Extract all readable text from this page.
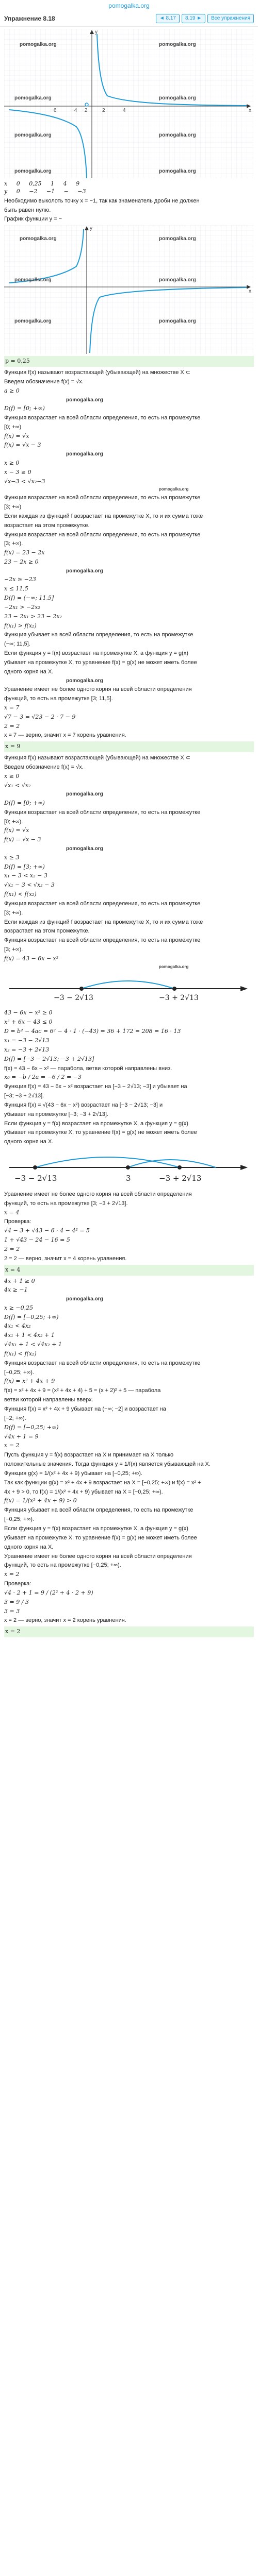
pomogalka.org
Упражнение 8.18	◄ 8.17	8.19 ►	Все упражнения
pomogalka.org	pomogalka.org
pomogalka.org	pomogalka.org
pomogalka.org	pomogalka.org
pomogalka.org	pomogalka.org
x
y
−6	−4 −2	2	4
x 0 0,25 1 4 9
y 0 −2 −1 − −3
Необходимо выколоть точку x = −1, так как знаменатель дроби не должен
быть равен нулю.
График функции y = −
pomogalka.org	pomogalka.org
pomogalka.org	pomogalka.org
pomogalka.org	pomogalka.org
x
y
p = 0,25
Функция f(x) называют возрастающей (убывающей) на множестве X ⊂
Введем обозначение f(x) = √x.
a ≥ 0
pomogalka.org
D(f) = [0; +∞)
Функция возрастает на всей области определения, то есть на промежутке
[0; +∞)
f(x) = √x
f(x) = √x − 3
pomogalka.org
x ≥ 0
x − 3 ≥ 0
√x−3 < √x₂−3
pomogalka.org
Функция возрастает на всей области определения, то есть на промежутке
[3; +∞)
Если каждая из функций f возрастает на промежутке X, то и их сумма тоже
возрастает на этом промежутке.
Функция возрастает на всей области определения, то есть на промежутке
[3; +∞).
f(x) = 23 − 2x
23 − 2x ≥ 0
pomogalka.org
−2x ≥ −23
x ≤ 11,5
D(f) = (−∞; 11,5]
−2x₁ > −2x₂
23 − 2x₁ > 23 − 2x₂
f(x₁) > f(x₂)
Функция убывает на всей области определения, то есть на промежутке
(−∞; 11,5].
Если функция y = f(x) возрастает на промежутке X, а функция y = g(x)
убывает на промежутке X, то уравнение f(x) = g(x) не может иметь более
одного корня на X.
pomogalka.org
Уравнение имеет не более одного корня на всей области определения
функций, то есть на промежутке [3; 11,5].
x = 7
√7 − 3 = √23 − 2 · 7 − 9
2 = 2
x = 7 — верно, значит x = 7 корень уравнения.
x = 9
Функция f(x) называют возрастающей (убывающей) на множестве X ⊂
Введем обозначение f(x) = √x.
x ≥ 0
√x₁ < √x₂
pomogalka.org
D(f) = [0; +∞)
Функция возрастает на всей области определения, то есть на промежутке
[0; +∞).
f(x) = √x
f(x) = √x − 3
pomogalka.org
x ≥ 3
D(f) = [3; +∞)
x₁ − 3 < x₂ − 3
√x₁ − 3 < √x₂ − 3
f(x₁) < f(x₂)
Функция возрастает на всей области определения, то есть на промежутке
[3; +∞).
Если каждая из функций f возрастает на промежутке X, то и их сумма тоже
возрастает на этом промежутке.
Функция возрастает на всей области определения, то есть на промежутке
[3; +∞).
f(x) = 43 − 6x − x²
pomogalka.org
−3 − 2√13	−3 + 2√13
43 − 6x − x² ≥ 0
x² + 6x − 43 ≤ 0
D = b² − 4ac = 6² − 4 · 1 · (−43) = 36 + 172 = 208 = 16 · 13
x₁ = −3 − 2√13
x₂ = −3 + 2√13
D(f) = [−3 − 2√13; −3 + 2√13]
f(x) = 43 − 6x − x² — парабола, ветви которой направлены вниз.
x₀ = −b / 2a = −6 / 2 = −3
Функция f(x) = 43 − 6x − x² возрастает на [−3 − 2√13; −3] и убывает на
[−3; −3 + 2√13].
Функция f(x) = √(43 − 6x − x²) возрастает на [−3 − 2√13; −3] и
убывает на промежутке [−3; −3 + 2√13].
Если функция y = f(x) возрастает на промежутке X, а функция y = g(x)
убывает на промежутке X, то уравнение f(x) = g(x) не может иметь более
одного корня на X.
−3 − 2√13	3	−3 + 2√13
Уравнение имеет не более одного корня на всей области определения
функций, то есть на промежутке [3; −3 + 2√13].
x = 4
Проверка:
√4 − 3 + √43 − 6 · 4 − 4² = 5
1 + √43 − 24 − 16 = 5
2 = 2
2 = 2 — верно, значит x = 4 корень уравнения.
x = 4
4x + 1 ≥ 0
4x ≥ −1
pomogalka.org
x ≥ −0,25
D(f) = [−0,25; +∞)
4x₁ < 4x₂
4x₁ + 1 < 4x₂ + 1
√4x₁ + 1 < √4x₂ + 1
f(x₁) < f(x₂)
Функция возрастает на всей области определения, то есть на промежутке
[−0,25; +∞).
f(x) = x² + 4x + 9
f(x) = x² + 4x + 9 = (x² + 4x + 4) + 5 = (x + 2)² + 5 — парабола
ветви которой направлены вверх.
Функция f(x) = x² + 4x + 9 убывает на (−∞; −2] и возрастает на
[−2; +∞).
D(f) = [−0,25; +∞)
√4x + 1 = 9
x = 2
Пусть функция y = f(x) возрастает на X и принимает на X только
положительные значения. Тогда функция y = 1/f(x) является убывающей на X.
Функция g(x) = 1/(x² + 4x + 9) убывает на [−0,25; +∞).
Так как функции g(x) = x² + 4x + 9 возрастает на X = [−0,25; +∞) и f(x) = x² +
4x + 9 > 0, то f(x) = 1/(x² + 4x + 9) убывает на X = [−0,25; +∞).
f(x) = 1/(x² + 4x + 9) > 0
Функция убывает на всей области определения, то есть на промежутке
[−0,25; +∞).
Если функция y = f(x) возрастает на промежутке X, а функция y = g(x)
убывает на промежутке X, то уравнение f(x) = g(x) не может иметь более
одного корня на X.
Уравнение имеет не более одного корня на всей области определения
функций, то есть на промежутке [−0,25; +∞).
x = 2
Проверка:
√4 · 2 + 1 = 9 / (2² + 4 · 2 + 9)
3 = 9 / 3
3 = 3
x = 2 — верно, значит x = 2 корень уравнения.
x = 2
